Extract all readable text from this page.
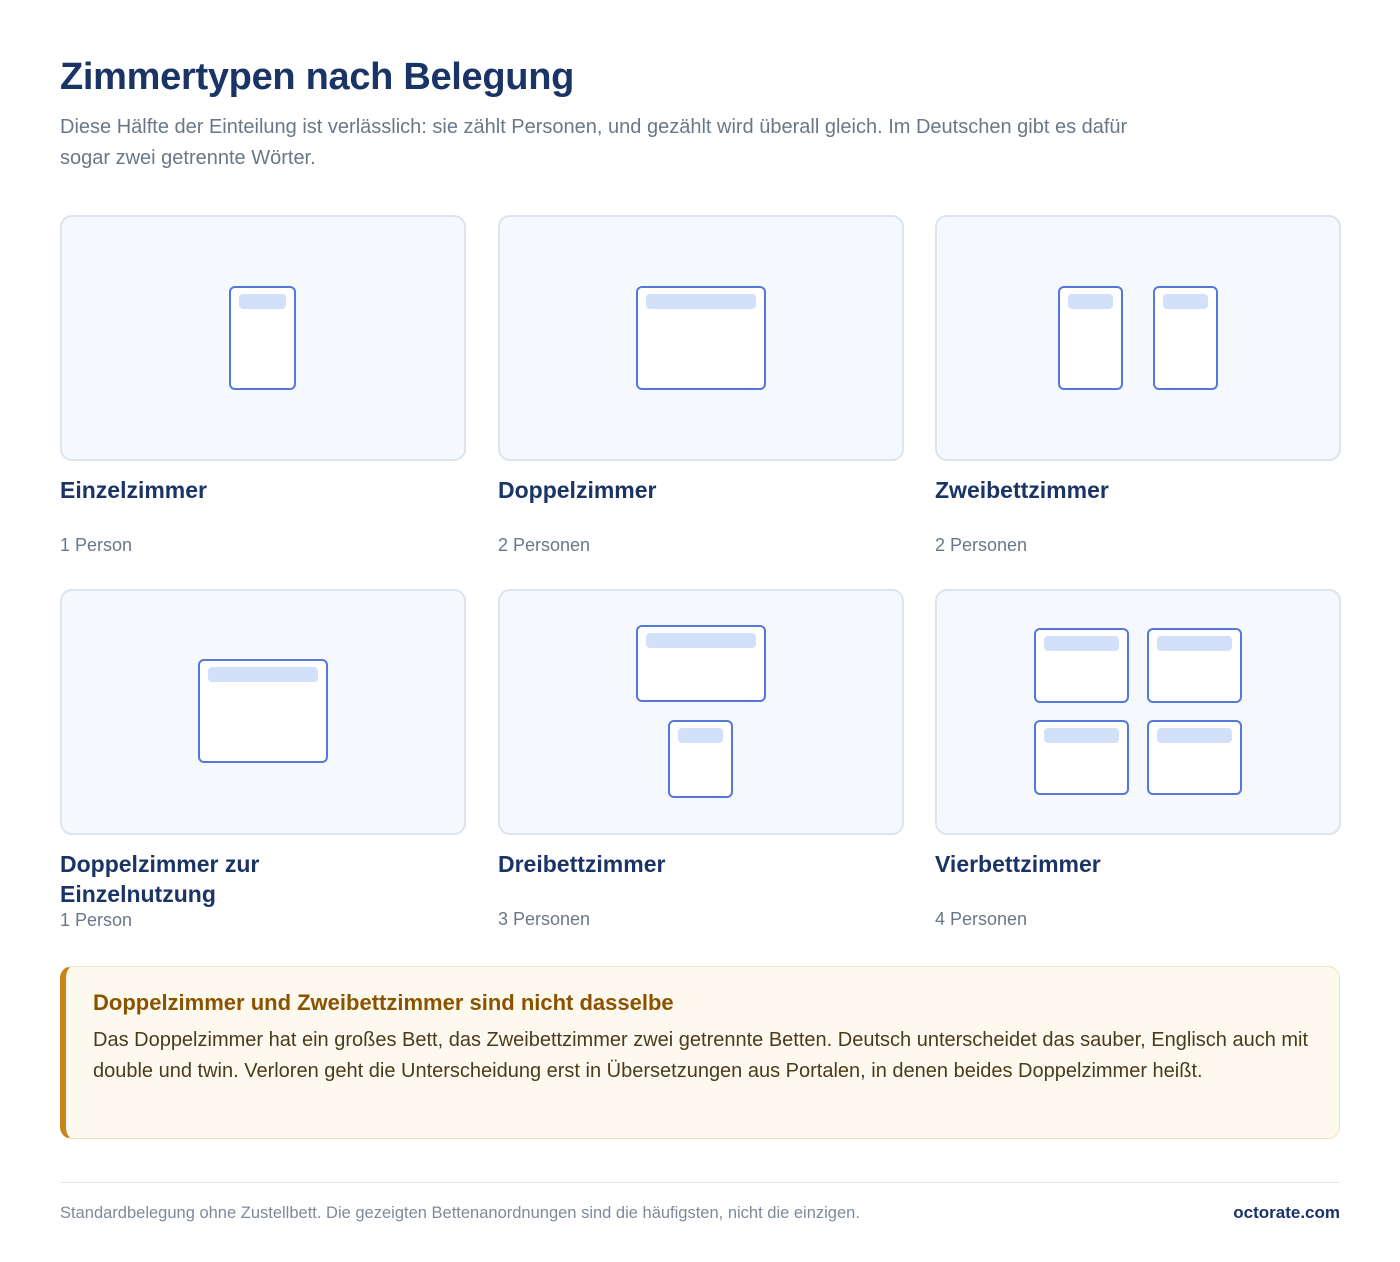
Zimmertypen nach Belegung

Diese Hälfte der Einteilung ist verlässlich: sie zählt Personen, und gezählt wird überall gleich. Im Deutschen gibt es dafür sogar zwei getrennte Wörter.

Einzelzimmer
1 Person
Doppelzimmer
2 Personen
Zweibettzimmer
2 Personen
Doppelzimmer zur Einzelnutzung
1 Person
Dreibettzimmer
3 Personen
Vierbettzimmer
4 Personen
Doppelzimmer und Zweibettzimmer sind nicht dasselbe
Das Doppelzimmer hat ein großes Bett, das Zweibettzimmer zwei getrennte Betten. Deutsch unterscheidet das sauber, Englisch auch mit double und twin. Verloren geht die Unterscheidung erst in Übersetzungen aus Portalen, in denen beides Doppelzimmer heißt.
Standardbelegung ohne Zustellbett. Die gezeigten Bettenanordnungen sind die häufigsten, nicht die einzigen.	octorate.com
